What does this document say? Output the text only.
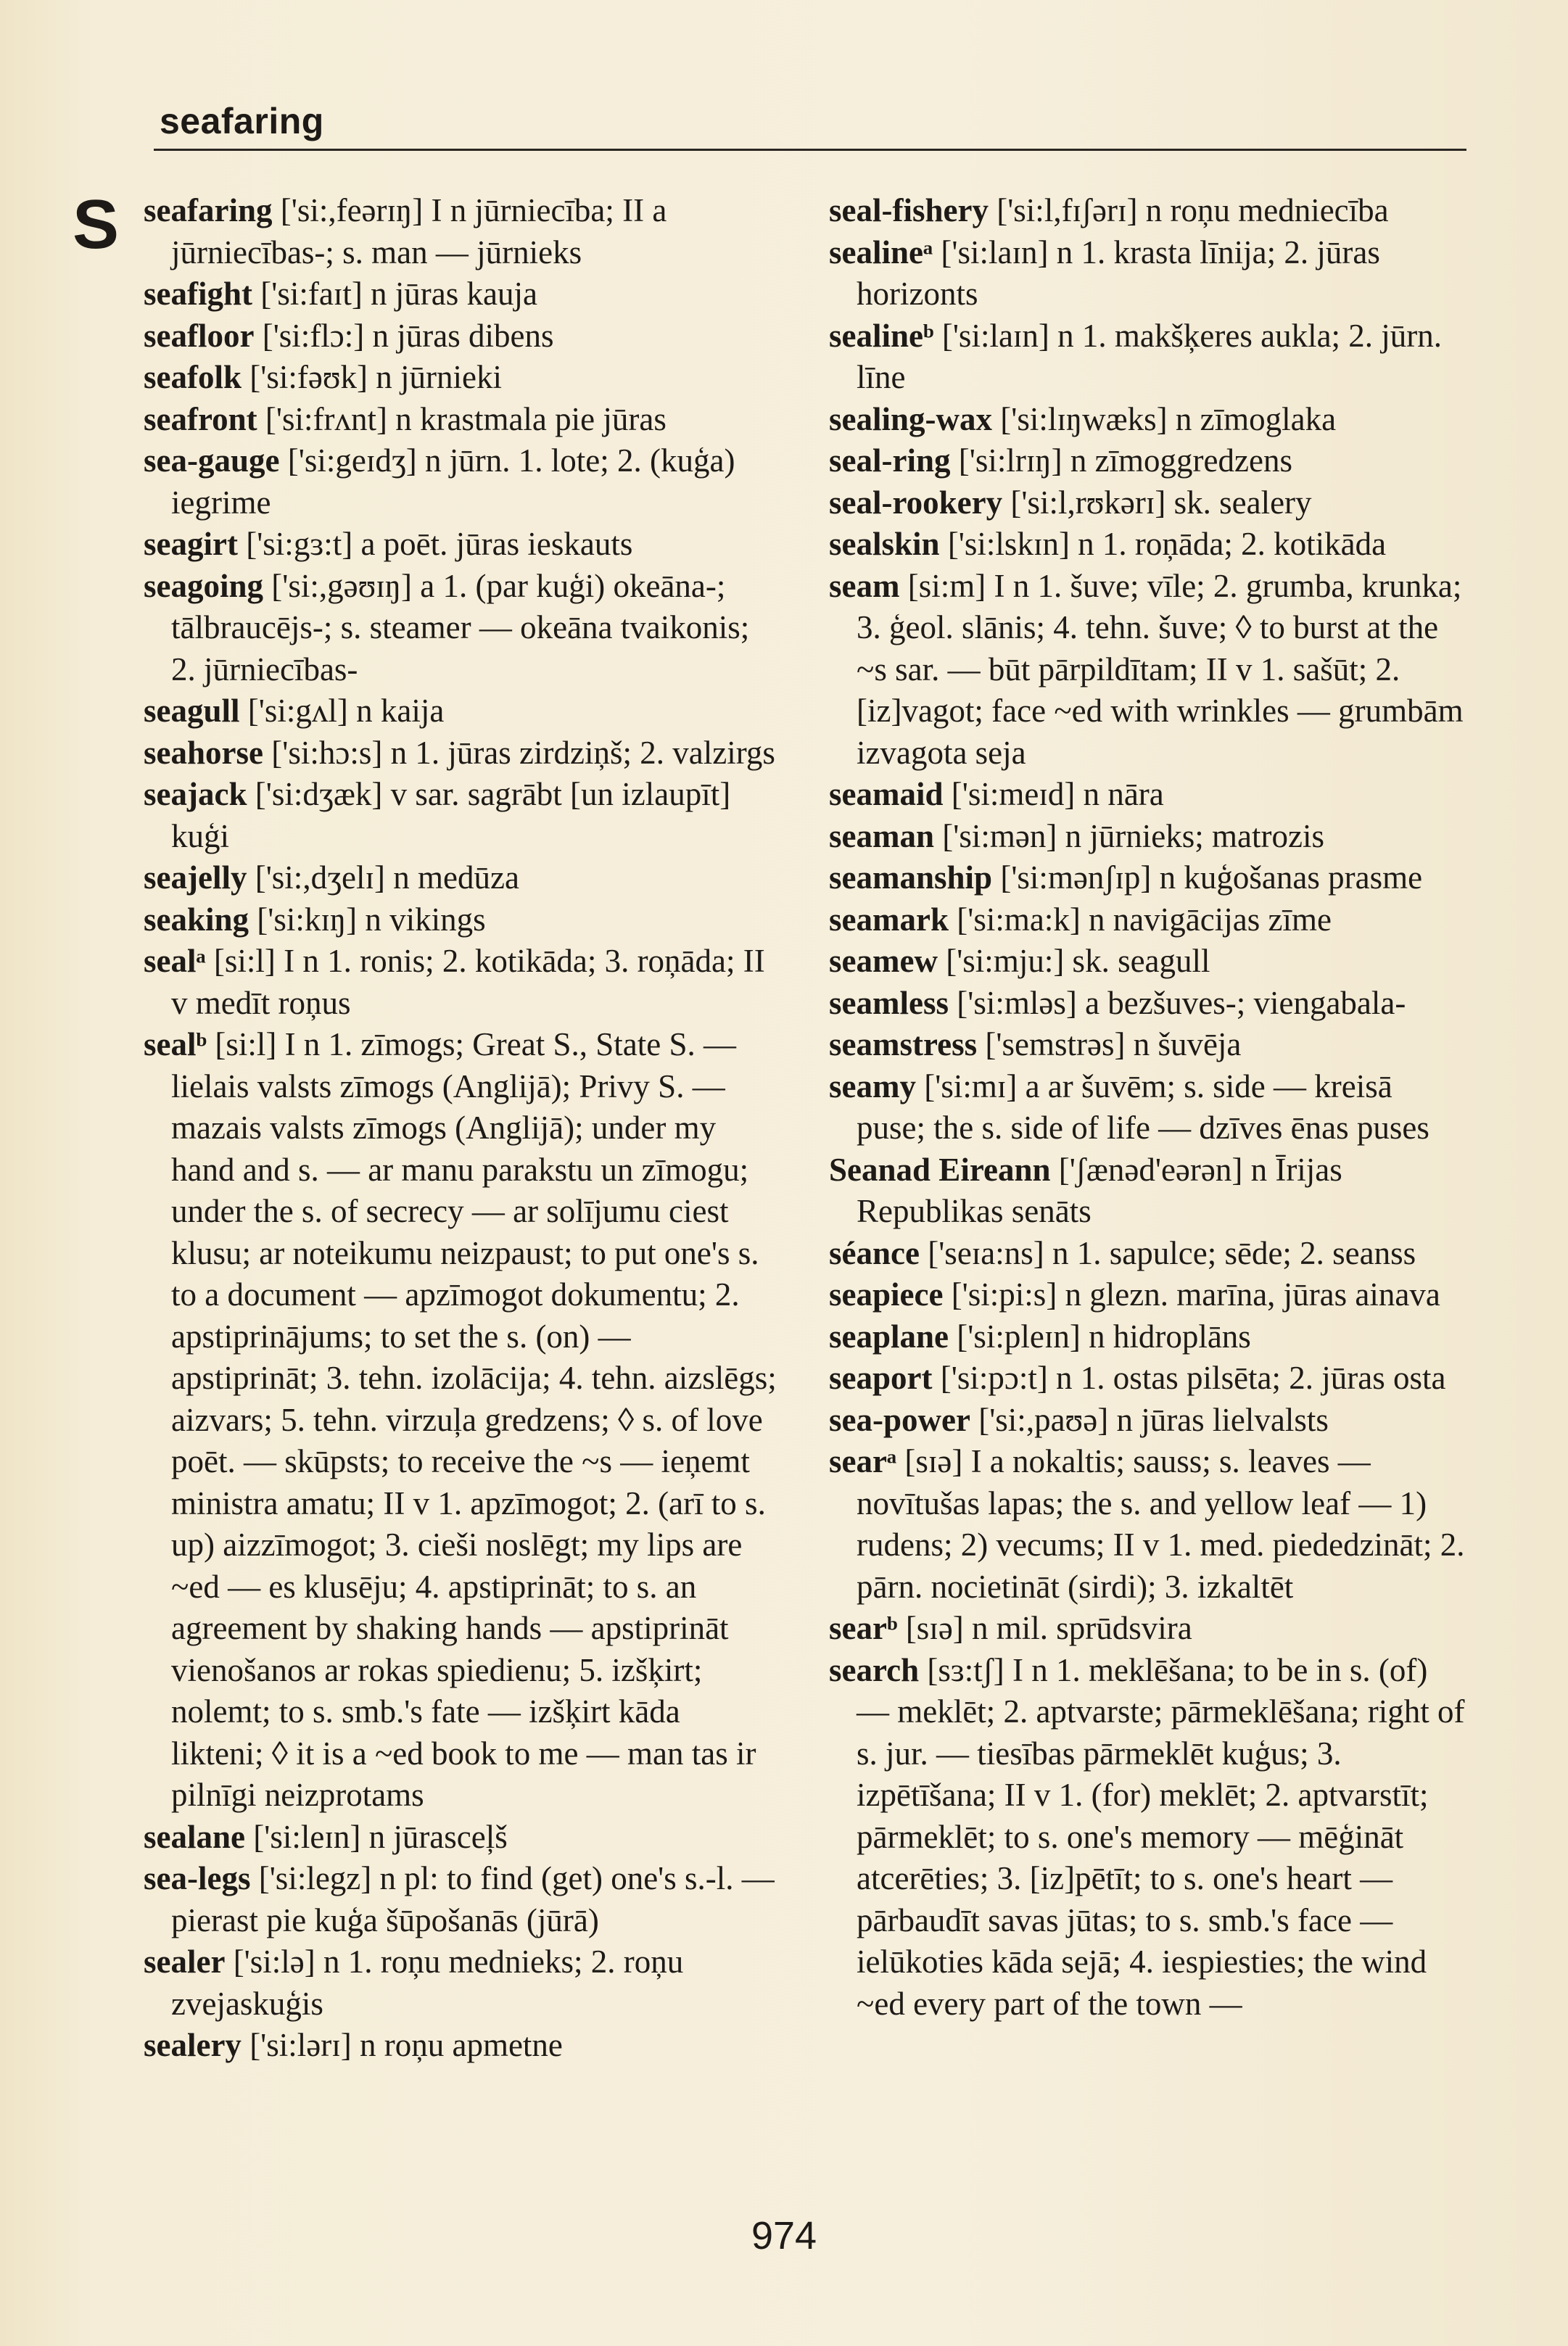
seafaring
S seafaring ['si:,feərɪŋ] I n jūrniecība; II a jūrniecības-; s. man — jūrnieks

seafight ['si:faɪt] n jūras kauja

seafloor ['si:flɔ:] n jūras dibens

seafolk ['si:fəʊk] n jūrnieki

seafront ['si:frʌnt] n krastmala pie jūras

sea-gauge ['si:geɪdʒ] n jūrn. 1. lote; 2. (kuģa) iegrime

seagirt ['si:gɜ:t] a poēt. jūras ieskauts

seagoing ['si:,gəʊɪŋ] a 1. (par kuģi) okeāna-; tālbraucējs-; s. steamer — okeāna tvaikonis; 2. jūrniecības-

seagull ['si:gʌl] n kaija

seahorse ['si:hɔ:s] n 1. jūras zirdziņš; 2. valzirgs

seajack ['si:dʒæk] v sar. sagrābt [un izlaupīt] kuģi

seajelly ['si:,dʒelɪ] n medūza

seaking ['si:kɪŋ] n vikings

sealᵃ [si:l] I n 1. ronis; 2. kotikāda; 3. roņāda; II v medīt roņus

sealᵇ [si:l] I n 1. zīmogs; Great S., State S. — lielais valsts zīmogs (Anglijā); Privy S. — mazais valsts zīmogs (Anglijā); under my hand and s. — ar manu parakstu un zīmogu; under the s. of secrecy — ar solījumu ciest klusu; ar noteikumu neizpaust; to put one's s. to a document — apzīmogot dokumentu; 2. apstiprinājums; to set the s. (on) — apstiprināt; 3. tehn. izolācija; 4. tehn. aizslēgs; aizvars; 5. tehn. virzuļa gredzens; ◊ s. of love poēt. — skūpsts; to receive the ~s — ieņemt ministra amatu; II v 1. apzīmogot; 2. (arī to s. up) aizzīmogot; 3. cieši noslēgt; my lips are ~ed — es klusēju; 4. apstiprināt; to s. an agreement by shaking hands — apstiprināt vienošanos ar rokas spiedienu; 5. izšķirt; nolemt; to s. smb.'s fate — izšķirt kāda likteni; ◊ it is a ~ed book to me — man tas ir pilnīgi neizprotams

sealane ['si:leɪn] n jūrasceļš

sea-legs ['si:legz] n pl: to find (get) one's s.-l. — pierast pie kuģa šūpošanās (jūrā)

sealer ['si:lə] n 1. roņu mednieks; 2. roņu zvejaskuģis

sealery ['si:lərɪ] n roņu apmetne

seal-fishery ['si:l,fɪʃərɪ] n roņu medniecība

sealineᵃ ['si:laɪn] n 1. krasta līnija; 2. jūras horizonts

sealineᵇ ['si:laɪn] n 1. makšķeres aukla; 2. jūrn. līne

sealing-wax ['si:lɪŋwæks] n zīmoglaka

seal-ring ['si:lrɪŋ] n zīmoggredzens

seal-rookery ['si:l,rʊkərɪ] sk. sealery

sealskin ['si:lskɪn] n 1. roņāda; 2. kotikāda

seam [si:m] I n 1. šuve; vīle; 2. grumba, krunka; 3. ģeol. slānis; 4. tehn. šuve; ◊ to burst at the ~s sar. — būt pārpildītam; II v 1. sašūt; 2. [iz]vagot; face ~ed with wrinkles — grumbām izvagota seja

seamaid ['si:meɪd] n nāra

seaman ['si:mən] n jūrnieks; matrozis

seamanship ['si:mənʃɪp] n kuģošanas prasme

seamark ['si:ma:k] n navigācijas zīme

seamew ['si:mju:] sk. seagull

seamless ['si:mləs] a bezšuves-; viengabala-

seamstress ['semstrəs] n šuvēja

seamy ['si:mɪ] a ar šuvēm; s. side — kreisā puse; the s. side of life — dzīves ēnas puses

Seanad Eireann ['ʃænəd'eərən] n Īrijas Republikas senāts

séance ['seɪa:ns] n 1. sapulce; sēde; 2. seanss

seapiece ['si:pi:s] n glezn. marīna, jūras ainava

seaplane ['si:pleɪn] n hidroplāns

seaport ['si:pɔ:t] n 1. ostas pilsēta; 2. jūras osta

sea-power ['si:,paʊə] n jūras lielvalsts

searᵃ [sɪə] I a nokaltis; sauss; s. leaves — novītušas lapas; the s. and yellow leaf — 1) rudens; 2) vecums; II v 1. med. piededzināt; 2. pārn. nocietināt (sirdi); 3. izkaltēt

searᵇ [sɪə] n mil. sprūdsvira

search [sɜ:tʃ] I n 1. meklēšana; to be in s. (of) — meklēt; 2. aptvarste; pārmeklēšana; right of s. jur. — tiesības pārmeklēt kuģus; 3. izpētīšana; II v 1. (for) meklēt; 2. aptvarstīt; pārmeklēt; to s. one's memory — mēģināt atcerēties; 3. [iz]pētīt; to s. one's heart — pārbaudīt savas jūtas; to s. smb.'s face — ielūkoties kāda sejā; 4. iespiesties; the wind ~ed every part of the town —

974
